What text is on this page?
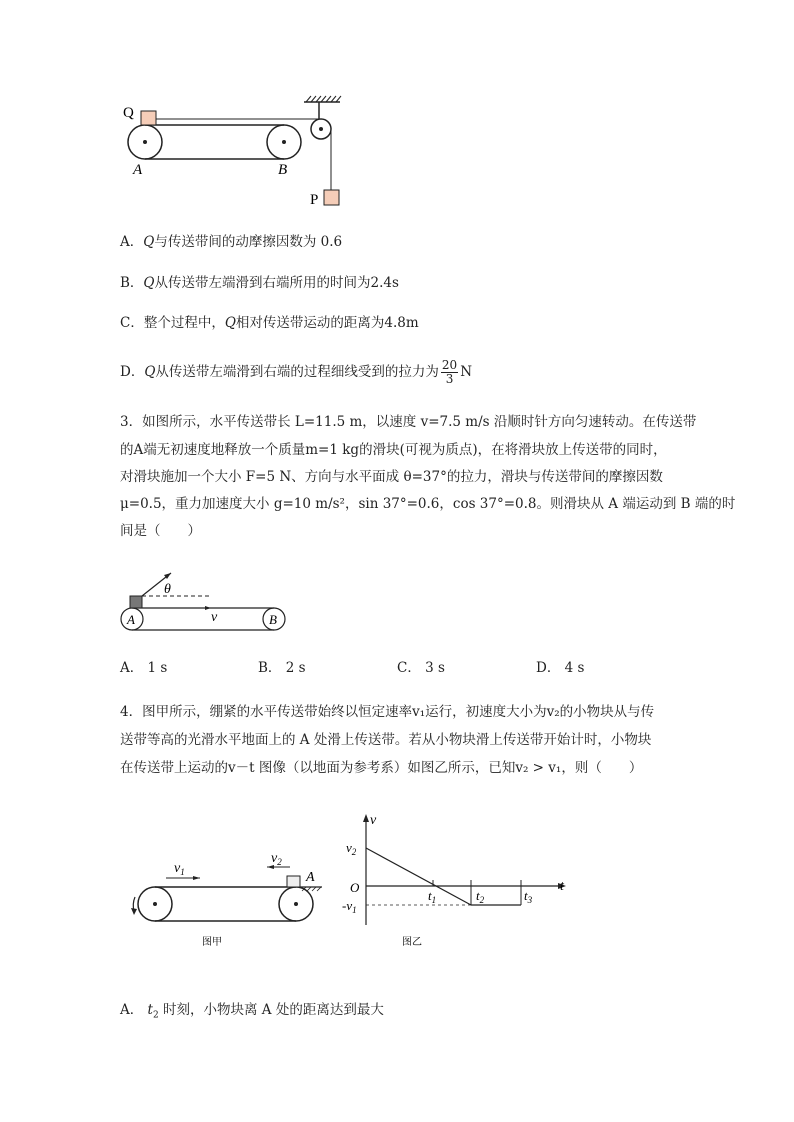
Q
A	B
P
A．Q与传送带间的动摩擦因数为 0.6
B．Q从传送带左端滑到右端所用的时间为2.4s
C．整个过程中，Q相对传送带运动的距离为4.8m
D．Q从传送带左端滑到右端的过程细线受到的拉力为 $\frac{20}{3}$ N
3．如图所示，水平传送带长 L=11.5 m，以速度 v=7.5 m/s 沿顺时针方向匀速转动。在传送带
的A端无初速度地释放一个质量m=1 kg的滑块(可视为质点)，在将滑块放上传送带的同时，
对滑块施加一个大小 F=5 N、方向与水平面成 θ=37°的拉力，滑块与传送带间的摩擦因数
μ=0.5，重力加速度大小 g=10 m/s²，sin 37°=0.6，cos 37°=0.8。则滑块从 A 端运动到 B 端的时
间是（　　）
θ
v
A	B
A． 1 s	B． 2 s	C． 3 s	D． 4 s
4．图甲所示，绷紧的水平传送带始终以恒定速率v₁运行，初速度大小为v₂的小物块从与传
送带等高的光滑水平地面上的 A 处滑上传送带。若从小物块滑上传送带开始计时，小物块
在传送带上运动的v－t 图像（以地面为参考系）如图乙所示，已知v₂ > v₁，则（　　）
A
$v_1$
$v_2$
图甲
v
t
O
$v_2$
$-v_1$
$t_1$	$t_2$	$t_3$
图乙
A． $t_2$ 时刻，小物块离 A 处的距离达到最大
